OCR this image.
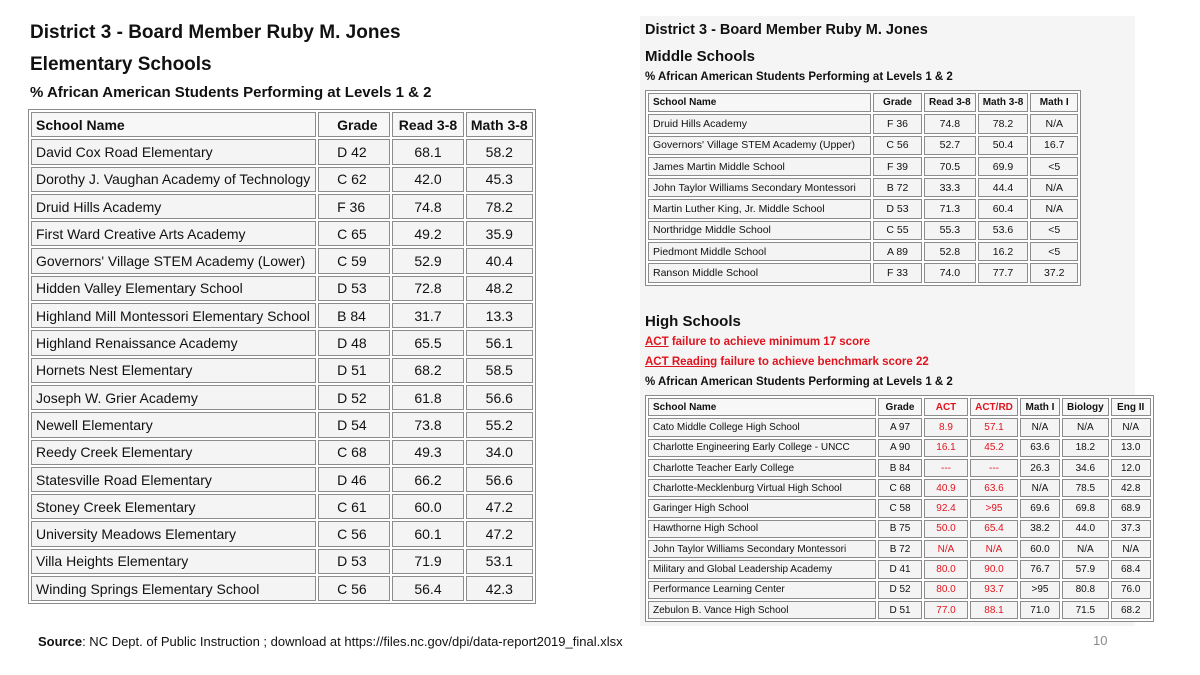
District 3 - Board Member Ruby M. Jones
Elementary Schools
% African American Students Performing at Levels 1 & 2
School Name	Grade	Read 3-8	Math 3-8
David Cox Road Elementary	D 42	68.1	58.2
Dorothy J. Vaughan Academy of Technology	C 62	42.0	45.3
Druid Hills Academy	F 36	74.8	78.2
First Ward Creative Arts Academy	C 65	49.2	35.9
Governors' Village STEM Academy (Lower)	C 59	52.9	40.4
Hidden Valley Elementary School	D 53	72.8	48.2
Highland Mill Montessori Elementary School	B 84	31.7	13.3
Highland Renaissance Academy	D 48	65.5	56.1
Hornets Nest Elementary	D 51	68.2	58.5
Joseph W. Grier Academy	D 52	61.8	56.6
Newell Elementary	D 54	73.8	55.2
Reedy Creek Elementary	C 68	49.3	34.0
Statesville Road Elementary	D 46	66.2	56.6
Stoney Creek Elementary	C 61	60.0	47.2
University Meadows Elementary	C 56	60.1	47.2
Villa Heights Elementary	D 53	71.9	53.1
Winding Springs Elementary School	C 56	56.4	42.3
District 3 - Board Member Ruby M. Jones
Middle Schools
% African American Students Performing at Levels 1 & 2
School Name	Grade	Read 3-8	Math 3-8	Math I
Druid Hills Academy	F 36	74.8	78.2	N/A
Governors' Village STEM Academy (Upper)	C 56	52.7	50.4	16.7
James Martin Middle School	F 39	70.5	69.9	<5
John Taylor Williams Secondary Montessori	B 72	33.3	44.4	N/A
Martin Luther King, Jr. Middle School	D 53	71.3	60.4	N/A
Northridge Middle School	C 55	55.3	53.6	<5
Piedmont Middle School	A 89	52.8	16.2	<5
Ranson Middle School	F 33	74.0	77.7	37.2
High Schools
ACT failure to achieve minimum 17 score
ACT Reading failure to achieve benchmark score 22
% African American Students Performing at Levels 1 & 2
School Name	Grade	ACT	ACT/RD	Math I	Biology	Eng II
Cato Middle College High School	A 97	8.9	57.1	N/A	N/A	N/A
Charlotte Engineering Early College - UNCC	A 90	16.1	45.2	63.6	18.2	13.0
Charlotte Teacher Early College	B 84	---	---	26.3	34.6	12.0
Charlotte-Mecklenburg Virtual High School	C 68	40.9	63.6	N/A	78.5	42.8
Garinger High School	C 58	92.4	>95	69.6	69.8	68.9
Hawthorne High School	B 75	50.0	65.4	38.2	44.0	37.3
John Taylor Williams Secondary Montessori	B 72	N/A	N/A	60.0	N/A	N/A
Military and Global Leadership Academy	D 41	80.0	90.0	76.7	57.9	68.4
Performance Learning Center	D 52	80.0	93.7	>95	80.8	76.0
Zebulon B. Vance High School	D 51	77.0	88.1	71.0	71.5	68.2
Source: NC Dept. of Public Instruction ; download at https://files.nc.gov/dpi/data-report2019_final.xlsx	10
